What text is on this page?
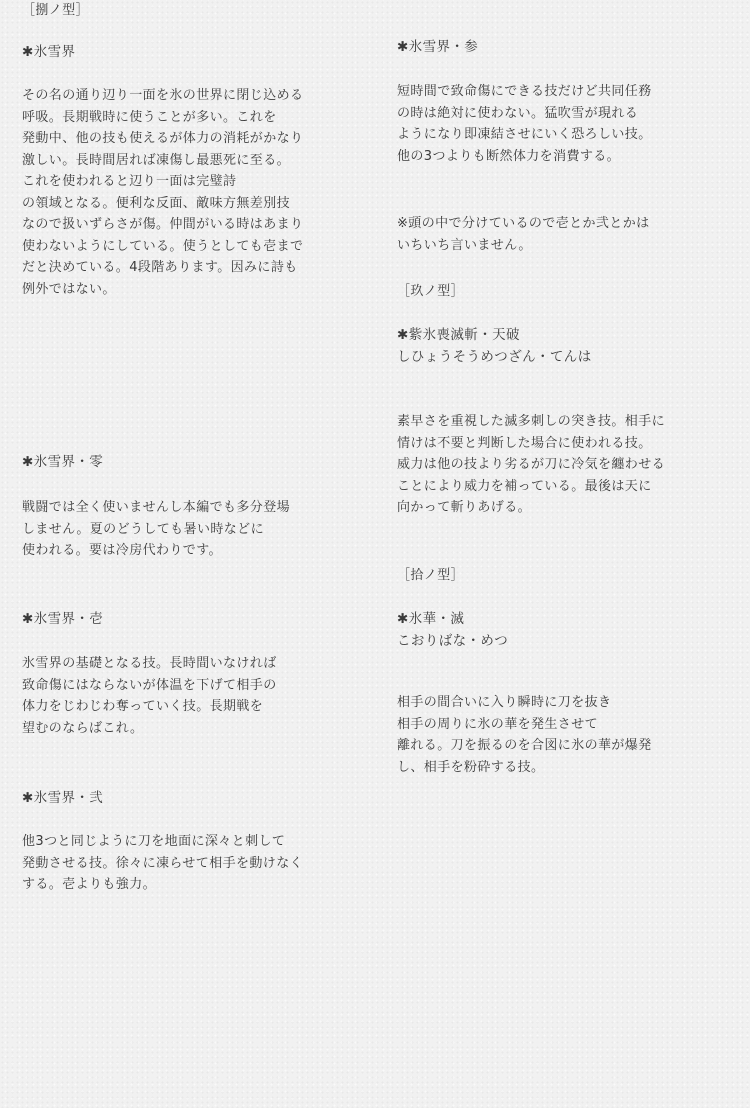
［捌ノ型］
✱氷雪界
その名の通り辺り一面を氷の世界に閉じ込める
呼吸。長期戦時に使うことが多い。これを
発動中、他の技も使えるが体力の消耗がかなり
激しい。長時間居れば凍傷し最悪死に至る。
これを使われると辺り一面は完璧詩
の領域となる。便利な反面、敵味方無差別技
なので扱いずらさが傷。仲間がいる時はあまり
使わないようにしている。使うとしても壱まで
だと決めている。4段階あります。因みに詩も
例外ではない。
✱氷雪界・零
戦闘では全く使いませんし本編でも多分登場
しません。夏のどうしても暑い時などに
使われる。要は冷房代わりです。
✱氷雪界・壱
氷雪界の基礎となる技。長時間いなければ
致命傷にはならないが体温を下げて相手の
体力をじわじわ奪っていく技。長期戦を
望むのならばこれ。
✱氷雪界・弐
他3つと同じように刀を地面に深々と刺して
発動させる技。徐々に凍らせて相手を動けなく
する。壱よりも強力。
✱氷雪界・参
短時間で致命傷にできる技だけど共同任務
の時は絶対に使わない。猛吹雪が現れる
ようになり即凍結させにいく恐ろしい技。
他の3つよりも断然体力を消費する。
※頭の中で分けているので壱とか弐とかは
いちいち言いません。
［玖ノ型］
✱紫氷喪滅斬・天破
しひょうそうめつざん・てんは
素早さを重視した滅多刺しの突き技。相手に
情けは不要と判断した場合に使われる技。
威力は他の技より劣るが刀に冷気を纏わせる
ことにより威力を補っている。最後は天に
向かって斬りあげる。
［拾ノ型］
✱氷華・滅
こおりばな・めつ
相手の間合いに入り瞬時に刀を抜き
相手の周りに氷の華を発生させて
離れる。刀を振るのを合図に氷の華が爆発
し、相手を粉砕する技。
